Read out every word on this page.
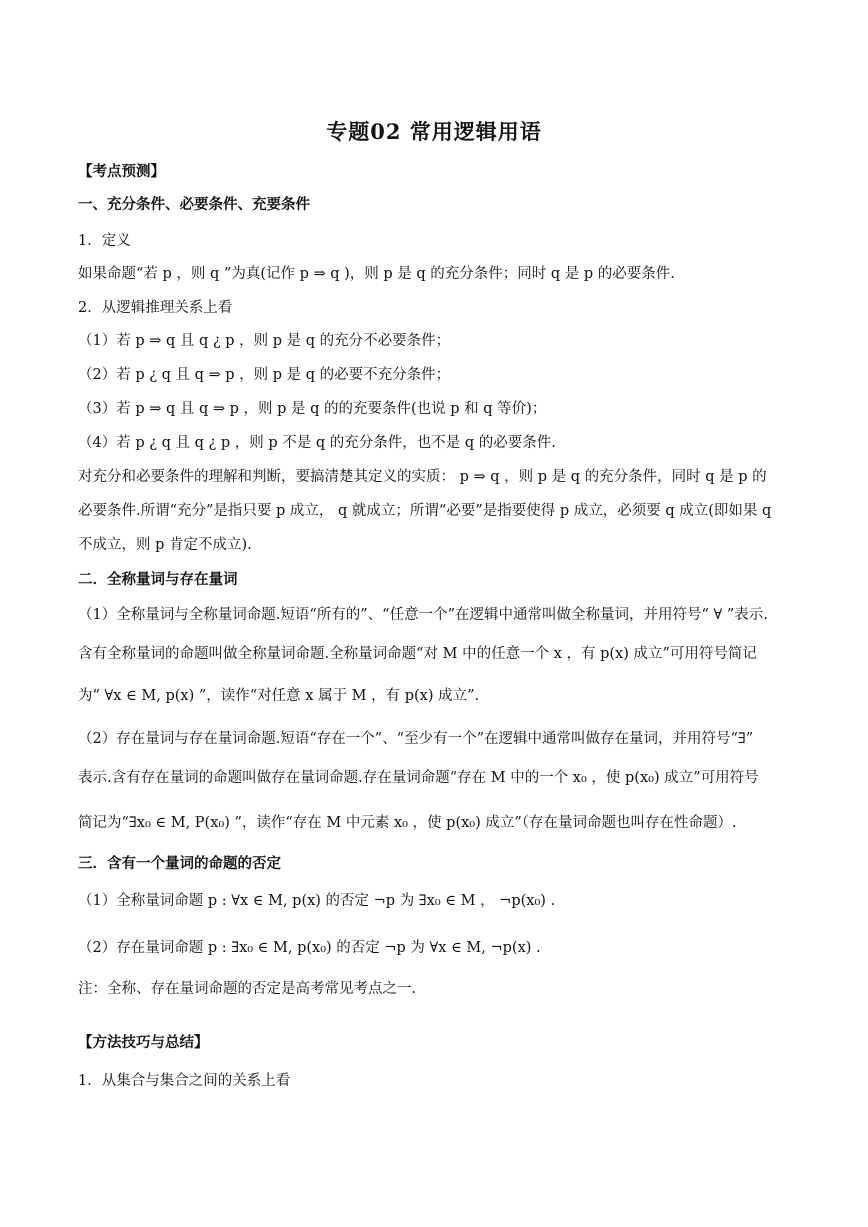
专题02 常用逻辑用语
【考点预测】
一、充分条件、必要条件、充要条件
1．定义
如果命题“若 p ，则 q ”为真(记作 p ⇒ q )，则 p 是 q 的充分条件；同时 q 是 p 的必要条件.
2．从逻辑推理关系上看
（1）若 p ⇒ q 且 q ¿ p ，则 p 是 q 的充分不必要条件；
（2）若 p ¿ q 且 q ⇒ p ，则 p 是 q 的必要不充分条件；
（3）若 p ⇒ q 且 q ⇒ p ，则 p 是 q 的的充要条件(也说 p 和 q 等价)；
（4）若 p ¿ q 且 q ¿ p ，则 p 不是 q 的充分条件，也不是 q 的必要条件.
对充分和必要条件的理解和判断，要搞清楚其定义的实质： p ⇒ q ，则 p 是 q 的充分条件，同时 q 是 p 的
必要条件.所谓“充分”是指只要 p 成立， q 就成立；所谓“必要”是指要使得 p 成立，必须要 q 成立(即如果 q
不成立，则 p 肯定不成立).
二．全称量词与存在量词
（1）全称量词与全称量词命题.短语“所有的”、“任意一个”在逻辑中通常叫做全称量词，并用符号“ ∀ ”表示.
含有全称量词的命题叫做全称量词命题.全称量词命题“对 M 中的任意一个 x ，有 p(x) 成立”可用符号简记
为“ ∀x ∈ M, p(x) ”，读作“对任意 x 属于 M ，有 p(x) 成立”.
（2）存在量词与存在量词命题.短语“存在一个”、“至少有一个”在逻辑中通常叫做存在量词，并用符号“∃”
表示.含有存在量词的命题叫做存在量词命题.存在量词命题“存在 M 中的一个 x₀ ，使 p(x₀) 成立”可用符号
简记为“∃x₀ ∈ M, P(x₀) ”，读作“存在 M 中元素 x₀ ，使 p(x₀) 成立”（存在量词命题也叫存在性命题）.
三．含有一个量词的命题的否定
（1）全称量词命题 p : ∀x ∈ M, p(x) 的否定 ¬p 为 ∃x₀ ∈ M ， ¬p(x₀) .
（2）存在量词命题 p : ∃x₀ ∈ M, p(x₀) 的否定 ¬p 为 ∀x ∈ M, ¬p(x) .
注：全称、存在量词命题的否定是高考常见考点之一.
【方法技巧与总结】
1．从集合与集合之间的关系上看
